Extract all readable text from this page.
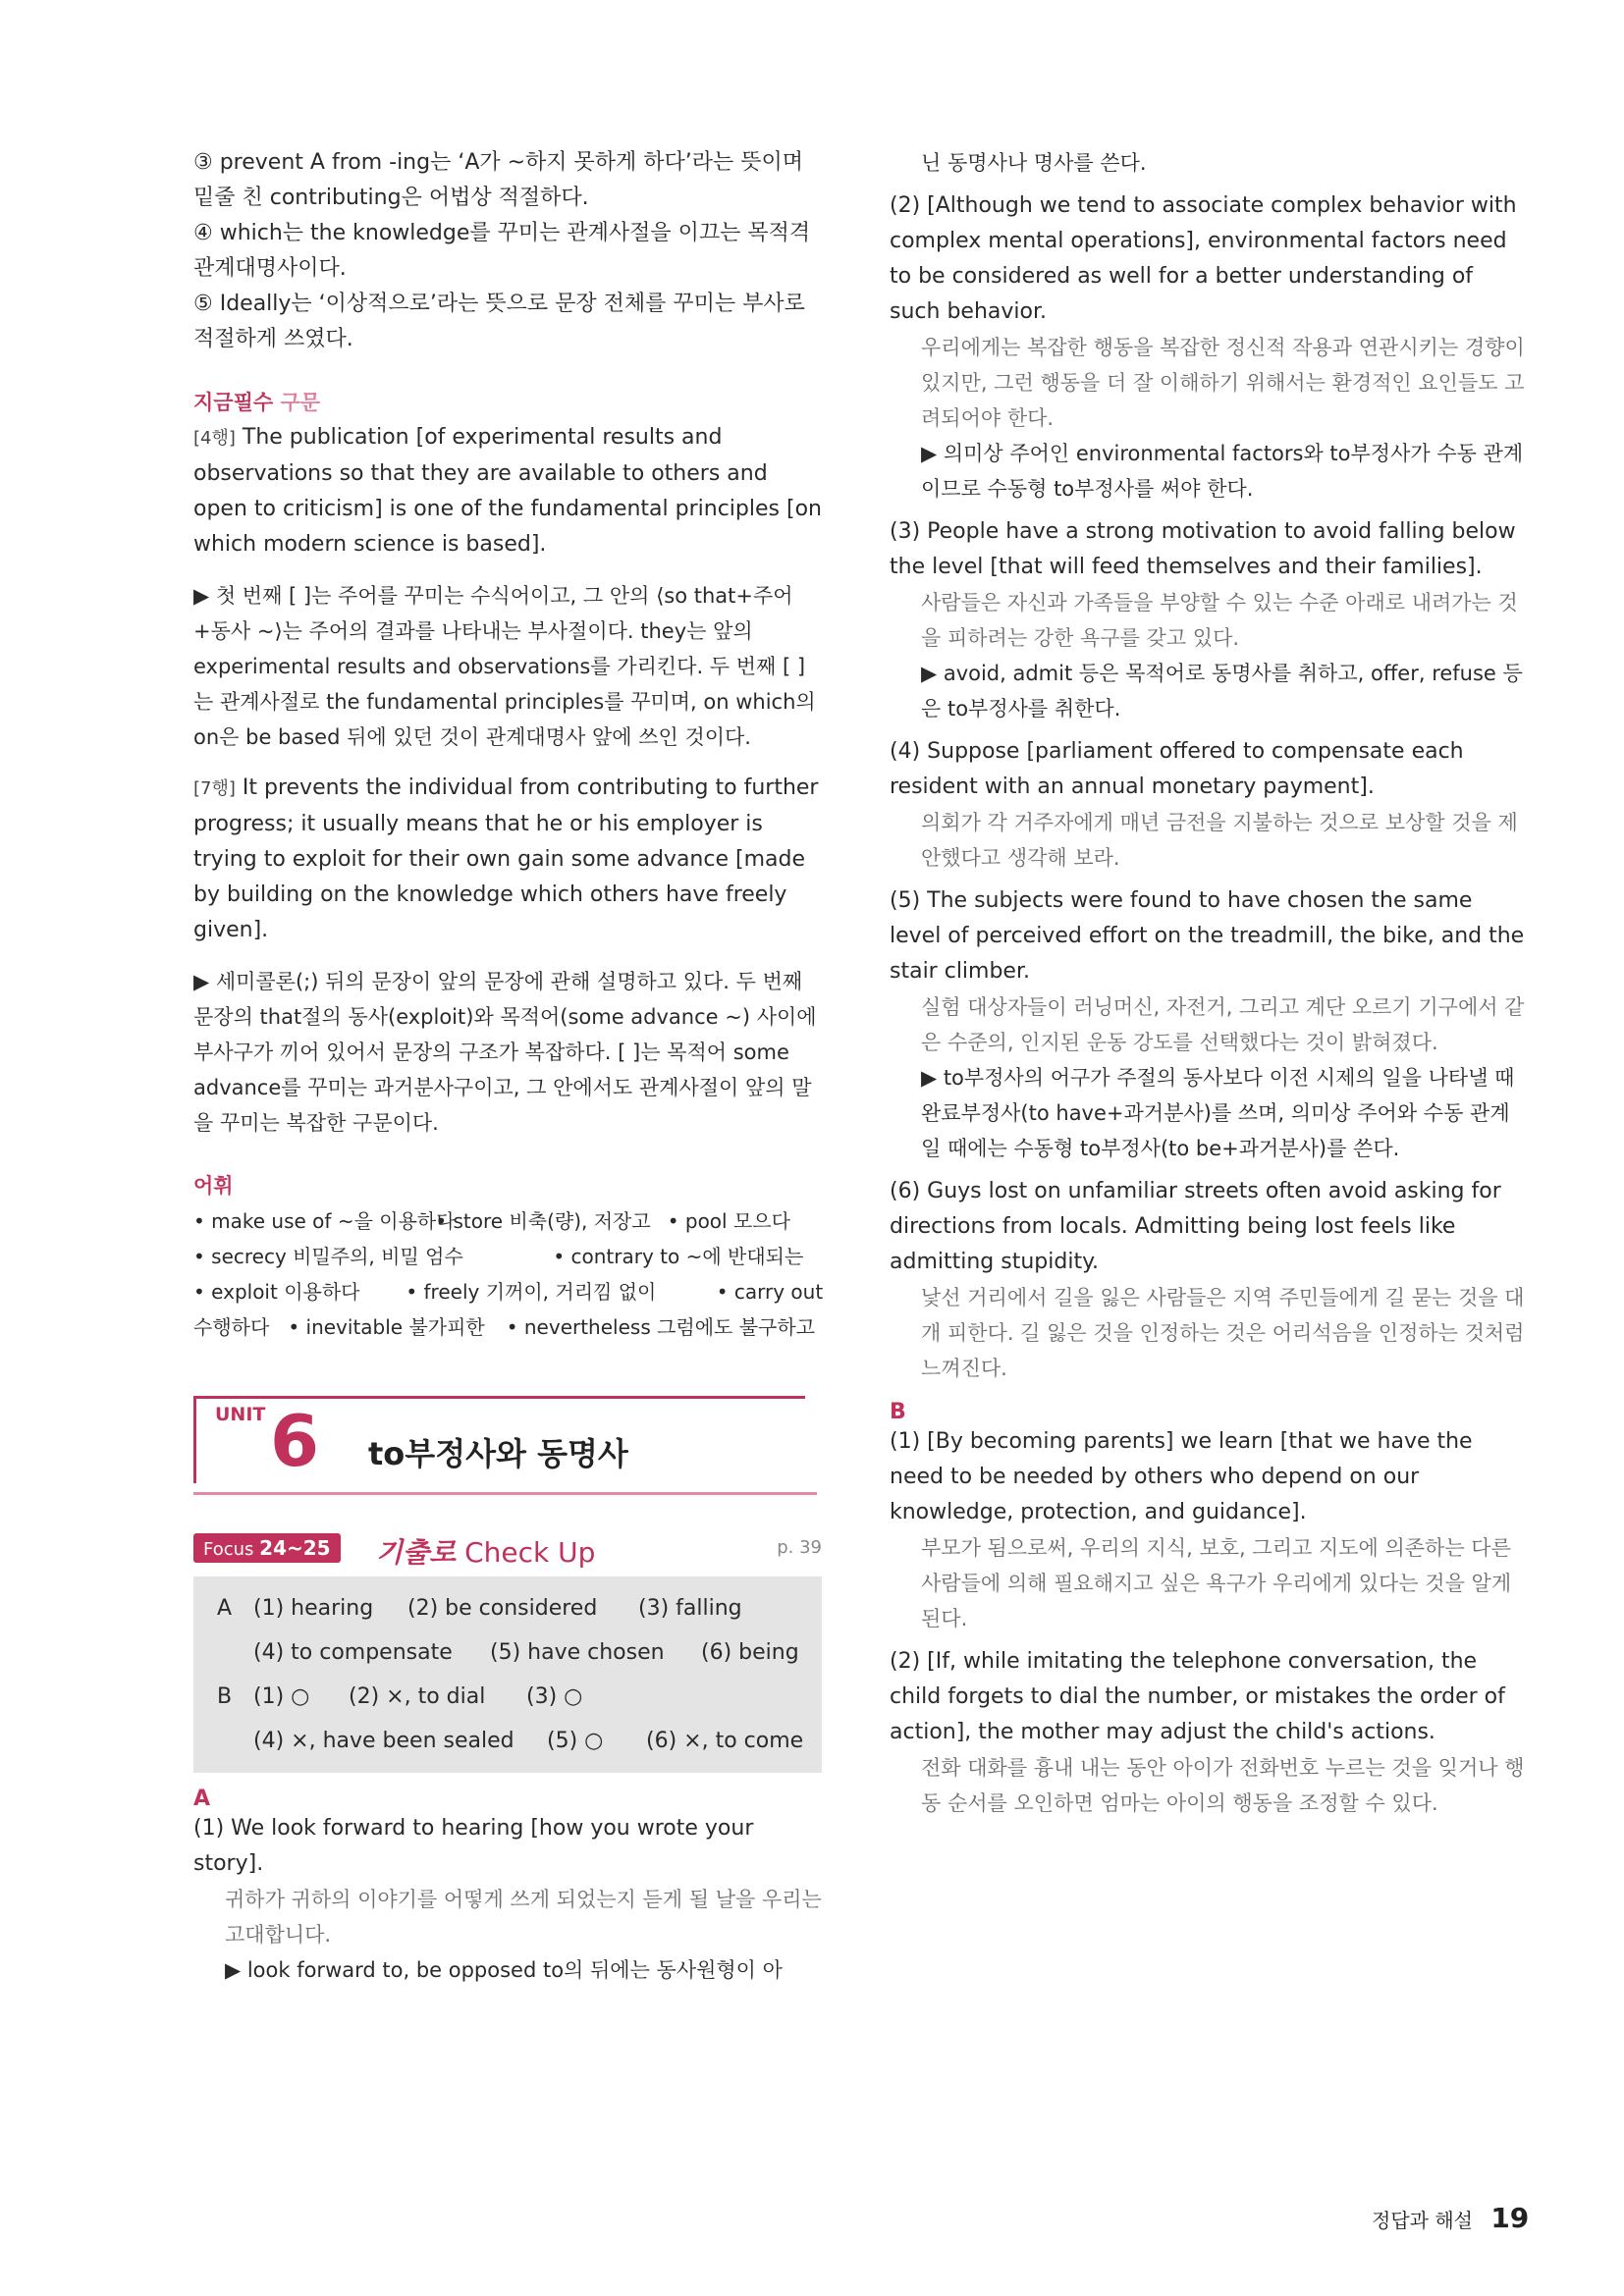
③ prevent A from -ing는 ‘A가 ~하지 못하게 하다’라는 뜻이며 밑줄 친 contributing은 어법상 적절하다.

④ which는 the knowledge를 꾸미는 관계사절을 이끄는 목적격 관계대명사이다.

⑤ Ideally는 ‘이상적으로’라는 뜻으로 문장 전체를 꾸미는 부사로 적절하게 쓰였다.

지금필수 구문

[4행] The publication [of experimental results and observations so that they are available to others and open to criticism] is one of the fundamental principles [on which modern science is based].

▶ 첫 번째 [ ]는 주어를 꾸미는 수식어이고, 그 안의 ⟨so that+주어+동사 ~⟩는 주어의 결과를 나타내는 부사절이다. they는 앞의 experimental results and observations를 가리킨다. 두 번째 [ ]는 관계사절로 the fundamental principles를 꾸미며, on which의 on은 be based 뒤에 있던 것이 관계대명사 앞에 쓰인 것이다.

[7행] It prevents the individual from contributing to further progress; it usually means that he or his employer is trying to exploit for their own gain some advance [made by building on the knowledge which others have freely given].

▶ 세미콜론(;) 뒤의 문장이 앞의 문장에 관해 설명하고 있다. 두 번째 문장의 that절의 동사(exploit)와 목적어(some advance ~) 사이에 부사구가 끼어 있어서 문장의 구조가 복잡하다. [ ]는 목적어 some advance를 꾸미는 과거분사구이고, 그 안에서도 관계사절이 앞의 말을 꾸미는 복잡한 구문이다.

어휘
• make use of ~을 이용하다 • store 비축(량), 저장고 • pool 모으다
• secrecy 비밀주의, 비밀 엄수	• contrary to ~에 반대되는
• exploit 이용하다 • freely 기꺼이, 거리낌 없이	• carry out
수행하다 • inevitable 불가피한 • nevertheless 그럼에도 불구하고
UNIT 6 to부정사와 동명사
Focus 24~25	기출로 Check Up	p. 39
A (1) hearing (2) be considered (3) falling
(4) to compensate (5) have chosen (6) being
B (1) ○ (2) ×, to dial (3) ○
(4) ×, have been sealed (5) ○ (6) ×, to come
A

(1) We look forward to hearing [how you wrote your story].

귀하가 귀하의 이야기를 어떻게 쓰게 되었는지 듣게 될 날을 우리는 고대합니다.

▶ look forward to, be opposed to의 뒤에는 동사원형이 아

닌 동명사나 명사를 쓴다.

(2) [Although we tend to associate complex behavior with complex mental operations], environmental factors need to be considered as well for a better understanding of such behavior.

우리에게는 복잡한 행동을 복잡한 정신적 작용과 연관시키는 경향이 있지만, 그런 행동을 더 잘 이해하기 위해서는 환경적인 요인들도 고려되어야 한다.

▶ 의미상 주어인 environmental factors와 to부정사가 수동 관계이므로 수동형 to부정사를 써야 한다.

(3) People have a strong motivation to avoid falling below the level [that will feed themselves and their families].

사람들은 자신과 가족들을 부양할 수 있는 수준 아래로 내려가는 것을 피하려는 강한 욕구를 갖고 있다.

▶ avoid, admit 등은 목적어로 동명사를 취하고, offer, refuse 등은 to부정사를 취한다.

(4) Suppose [parliament offered to compensate each resident with an annual monetary payment].

의회가 각 거주자에게 매년 금전을 지불하는 것으로 보상할 것을 제안했다고 생각해 보라.

(5) The subjects were found to have chosen the same level of perceived effort on the treadmill, the bike, and the stair climber.

실험 대상자들이 러닝머신, 자전거, 그리고 계단 오르기 기구에서 같은 수준의, 인지된 운동 강도를 선택했다는 것이 밝혀졌다.

▶ to부정사의 어구가 주절의 동사보다 이전 시제의 일을 나타낼 때 완료부정사(to have+과거분사)를 쓰며, 의미상 주어와 수동 관계일 때에는 수동형 to부정사(to be+과거분사)를 쓴다.

(6) Guys lost on unfamiliar streets often avoid asking for directions from locals. Admitting being lost feels like admitting stupidity.

낯선 거리에서 길을 잃은 사람들은 지역 주민들에게 길 묻는 것을 대개 피한다. 길 잃은 것을 인정하는 것은 어리석음을 인정하는 것처럼 느껴진다.

B

(1) [By becoming parents] we learn [that we have the need to be needed by others who depend on our knowledge, protection, and guidance].

부모가 됨으로써, 우리의 지식, 보호, 그리고 지도에 의존하는 다른 사람들에 의해 필요해지고 싶은 욕구가 우리에게 있다는 것을 알게 된다.

(2) [If, while imitating the telephone conversation, the child forgets to dial the number, or mistakes the order of action], the mother may adjust the child's actions.

전화 대화를 흉내 내는 동안 아이가 전화번호 누르는 것을 잊거나 행동 순서를 오인하면 엄마는 아이의 행동을 조정할 수 있다.

정답과 해설 19
